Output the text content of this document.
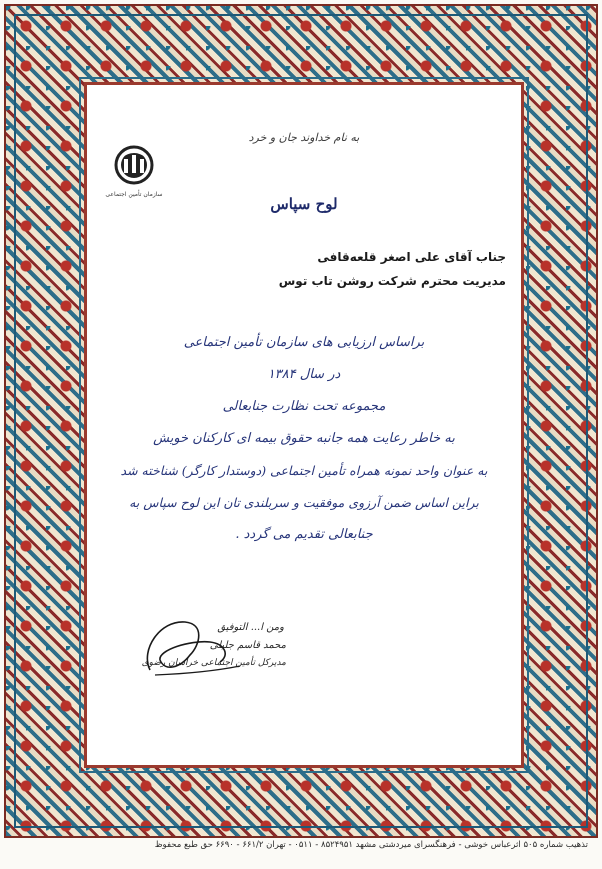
به نام خداوند جان و خرد
سازمان تأمین اجتماعی
لوح سپاس
جناب آقای علی اصغر قلعه‌قافی
مدیریت محترم شرکت روشن تاب توس
براساس ارزیابی های سازمان تأمین اجتماعی
در سال ۱۳۸۴
مجموعه تحت نظارت جنابعالی
به خاطر رعایت همه جانبه حقوق بیمه ای کارکنان خویش
به عنوان واحد نمونه همراه تأمین اجتماعی (دوستدار کارگر) شناخته شد
براین اساس ضمن آرزوی موفقیت و سربلندی تان این لوح سپاس به
جنابعالی تقدیم می گردد .
ومن ا... التوفیق
محمد قاسم جلیلی
مدیرکل تأمین اجتماعی خراسان رضوی
تذهیب شماره ۵۰۵ اثرعباس خوشی - فرهنگسرای میردشتی مشهد ۸۵۲۴۹۵۱ - ۰۵۱۱ - تهران ۶۶۱/۲ - ۶۶۹۰ حق طبع محفوظ
